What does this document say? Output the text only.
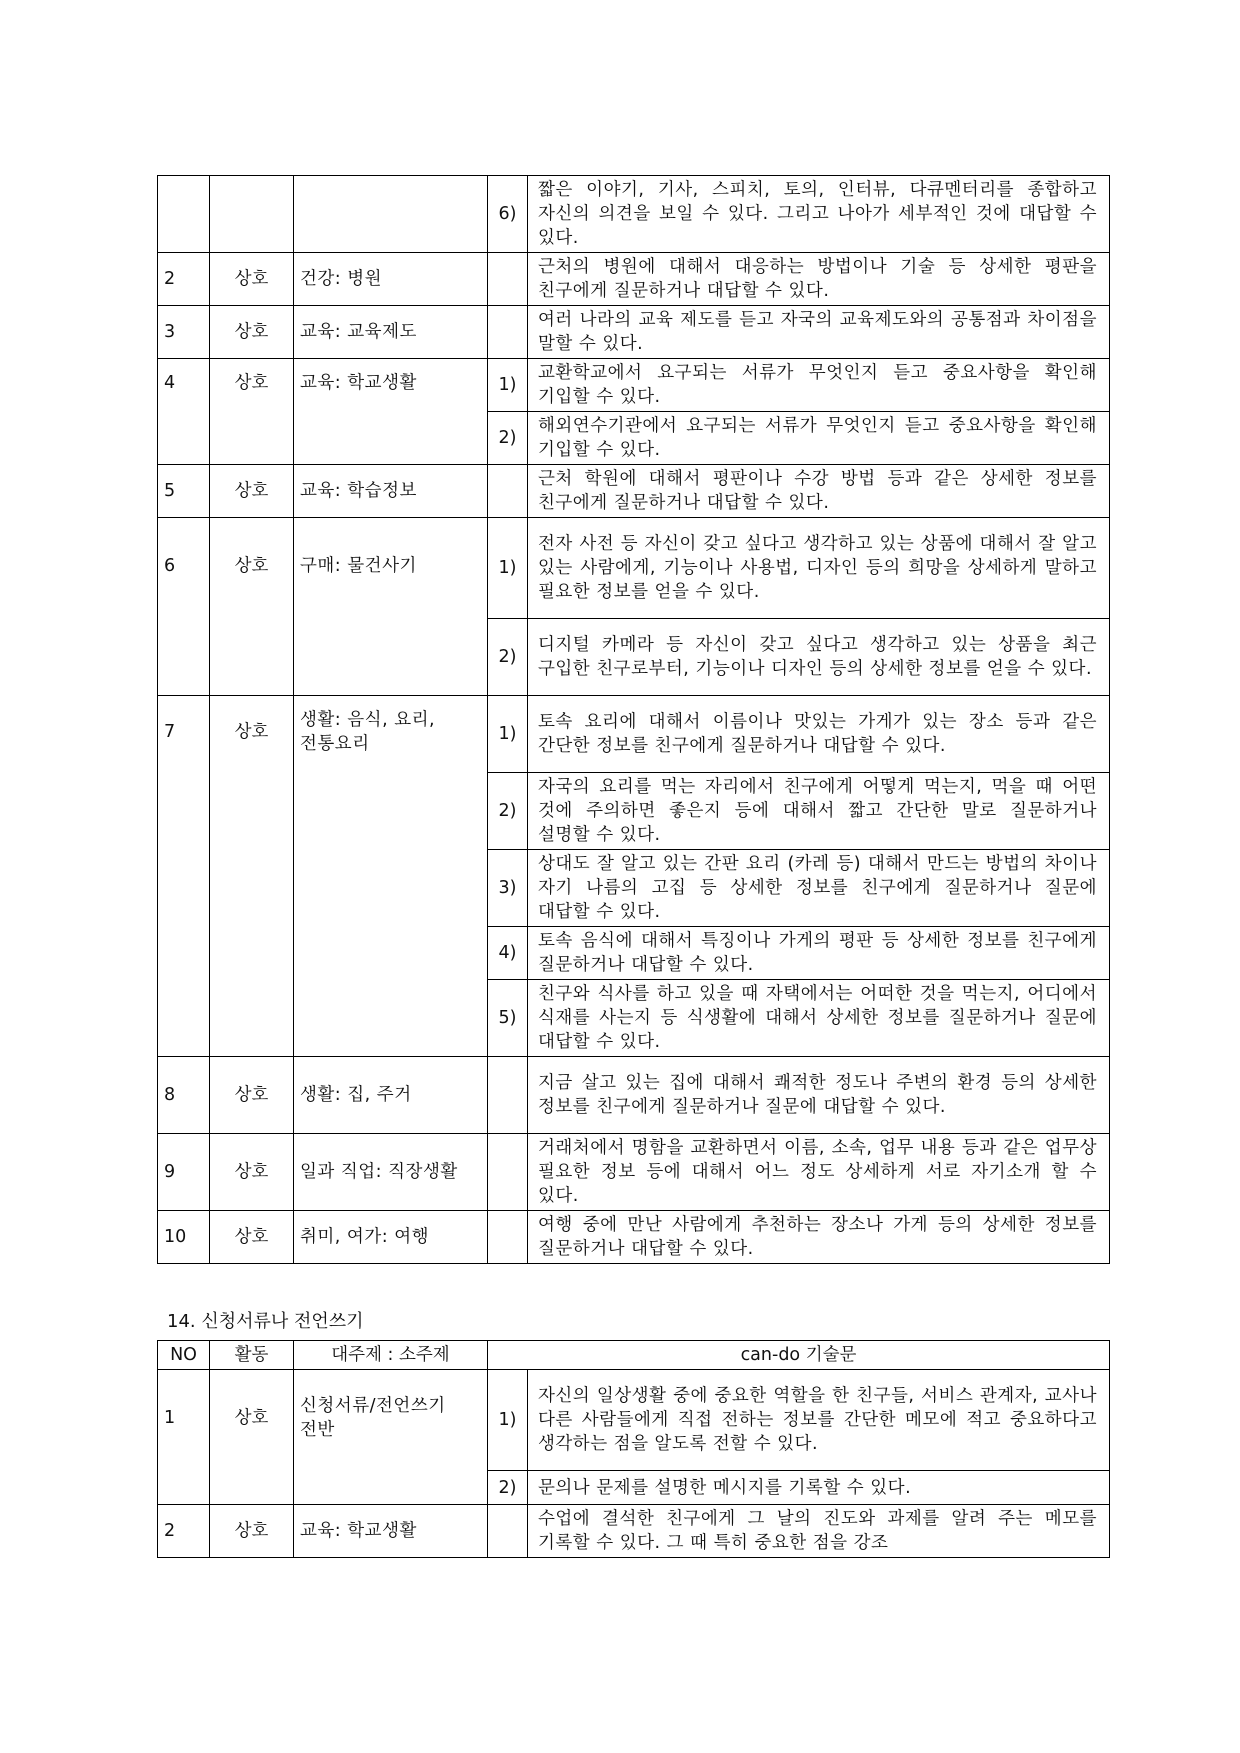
			6)	짧은 이야기, 기사, 스피치, 토의, 인터뷰, 다큐멘터리를 종합하고 자신의 의견을 보일 수 있다. 그리고 나아가 세부적인 것에 대답할 수 있다.
2	상호	건강: 병원		근처의 병원에 대해서 대응하는 방법이나 기술 등 상세한 평판을 친구에게 질문하거나 대답할 수 있다.
3	상호	교육: 교육제도		여러 나라의 교육 제도를 듣고 자국의 교육제도와의 공통점과 차이점을 말할 수 있다.
4	상호	교육: 학교생활	1)	교환학교에서 요구되는 서류가 무엇인지 듣고 중요사항을 확인해 기입할 수 있다.
			2)	해외연수기관에서 요구되는 서류가 무엇인지 듣고 중요사항을 확인해 기입할 수 있다.
5	상호	교육: 학습정보		근처 학원에 대해서 평판이나 수강 방법 등과 같은 상세한 정보를 친구에게 질문하거나 대답할 수 있다.
6	상호	구매: 물건사기	1)	전자 사전 등 자신이 갖고 싶다고 생각하고 있는 상품에 대해서 잘 알고 있는 사람에게, 기능이나 사용법, 디자인 등의 희망을 상세하게 말하고 필요한 정보를 얻을 수 있다.
			2)	디지털 카메라 등 자신이 갖고 싶다고 생각하고 있는 상품을 최근 구입한 친구로부터, 기능이나 디자인 등의 상세한 정보를 얻을 수 있다.
7	상호	생활: 음식, 요리, 전통요리	1)	토속 요리에 대해서 이름이나 맛있는 가게가 있는 장소 등과 같은 간단한 정보를 친구에게 질문하거나 대답할 수 있다.
			2)	자국의 요리를 먹는 자리에서 친구에게 어떻게 먹는지, 먹을 때 어떤 것에 주의하면 좋은지 등에 대해서 짧고 간단한 말로 질문하거나 설명할 수 있다.
			3)	상대도 잘 알고 있는 간판 요리 (카레 등) 대해서 만드는 방법의 차이나 자기 나름의 고집 등 상세한 정보를 친구에게 질문하거나 질문에 대답할 수 있다.
			4)	토속 음식에 대해서 특징이나 가게의 평판 등 상세한 정보를 친구에게 질문하거나 대답할 수 있다.
			5)	친구와 식사를 하고 있을 때 자택에서는 어떠한 것을 먹는지, 어디에서 식재를 사는지 등 식생활에 대해서 상세한 정보를 질문하거나 질문에 대답할 수 있다.
8	상호	생활: 집, 주거		지금 살고 있는 집에 대해서 쾌적한 정도나 주변의 환경 등의 상세한 정보를 친구에게 질문하거나 질문에 대답할 수 있다.
9	상호	일과 직업: 직장생활		거래처에서 명함을 교환하면서 이름, 소속, 업무 내용 등과 같은 업무상 필요한 정보 등에 대해서 어느 정도 상세하게 서로 자기소개 할 수 있다.
10	상호	취미, 여가: 여행		여행 중에 만난 사람에게 추천하는 장소나 가게 등의 상세한 정보를 질문하거나 대답할 수 있다.
14. 신청서류나 전언쓰기
NO	활동	대주제 : 소주제	can-do 기술문	
1	상호	신청서류/전언쓰기 전반	1)	자신의 일상생활 중에 중요한 역할을 한 친구들, 서비스 관계자, 교사나 다른 사람들에게 직접 전하는 정보를 간단한 메모에 적고 중요하다고 생각하는 점을 알도록 전할 수 있다.
			2)	문의나 문제를 설명한 메시지를 기록할 수 있다.
2	상호	교육: 학교생활		수업에 결석한 친구에게 그 날의 진도와 과제를 알려 주는 메모를 기록할 수 있다. 그 때 특히 중요한 점을 강조
